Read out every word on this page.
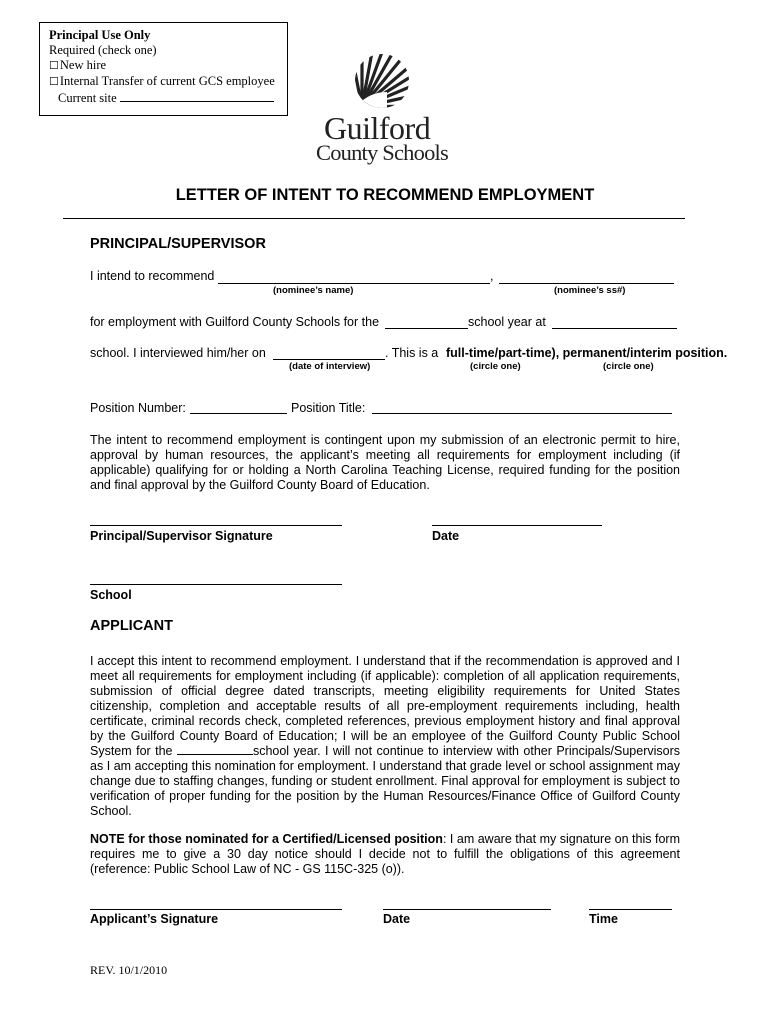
Principal Use Only
Required (check one)
☐New hire
☐Internal Transfer of current GCS employee
Current site
Guilford
County Schools
LETTER OF INTENT TO RECOMMEND EMPLOYMENT
PRINCIPAL/SUPERVISOR
I intend to recommend	,
(nominee’s name)	(nominee’s ss#)
for employment with Guilford County Schools for the	school year at
school. I interviewed him/her on	. This is a full-time/part-time), permanent/interim position.
(date of interview)	(circle one)	(circle one)
Position Number:	Position Title:
The intent to recommend employment is contingent upon my submission of an electronic permit to hire, approval by human resources, the applicant’s meeting all requirements for employment including (if applicable) qualifying for or holding a North Carolina Teaching License, required funding for the position and final approval by the Guilford County Board of Education.
Principal/Supervisor Signature	Date
School
APPLICANT
I accept this intent to recommend employment. I understand that if the recommendation is approved and I meet all requirements for employment including (if applicable): completion of all application requirements, submission of official degree dated transcripts, meeting eligibility requirements for United States citizenship, completion and acceptable results of all pre-employment requirements including, health certificate, criminal records check, completed references, previous employment history and final approval by the Guilford County Board of Education; I will be an employee of the Guilford County Public School System for the	school year. I will not continue to interview with other Principals/Supervisors as I am accepting this nomination for employment. I understand that grade level or school assignment may change due to staffing changes, funding or student enrollment. Final approval for employment is subject to verification of proper funding for the position by the Human Resources/Finance Office of Guilford County School.
NOTE for those nominated for a Certified/Licensed position: I am aware that my signature on this form requires me to give a 30 day notice should I decide not to fulfill the obligations of this agreement (reference: Public School Law of NC - GS 115C-325 (o)).
Applicant’s Signature	Date	Time
REV. 10/1/2010
